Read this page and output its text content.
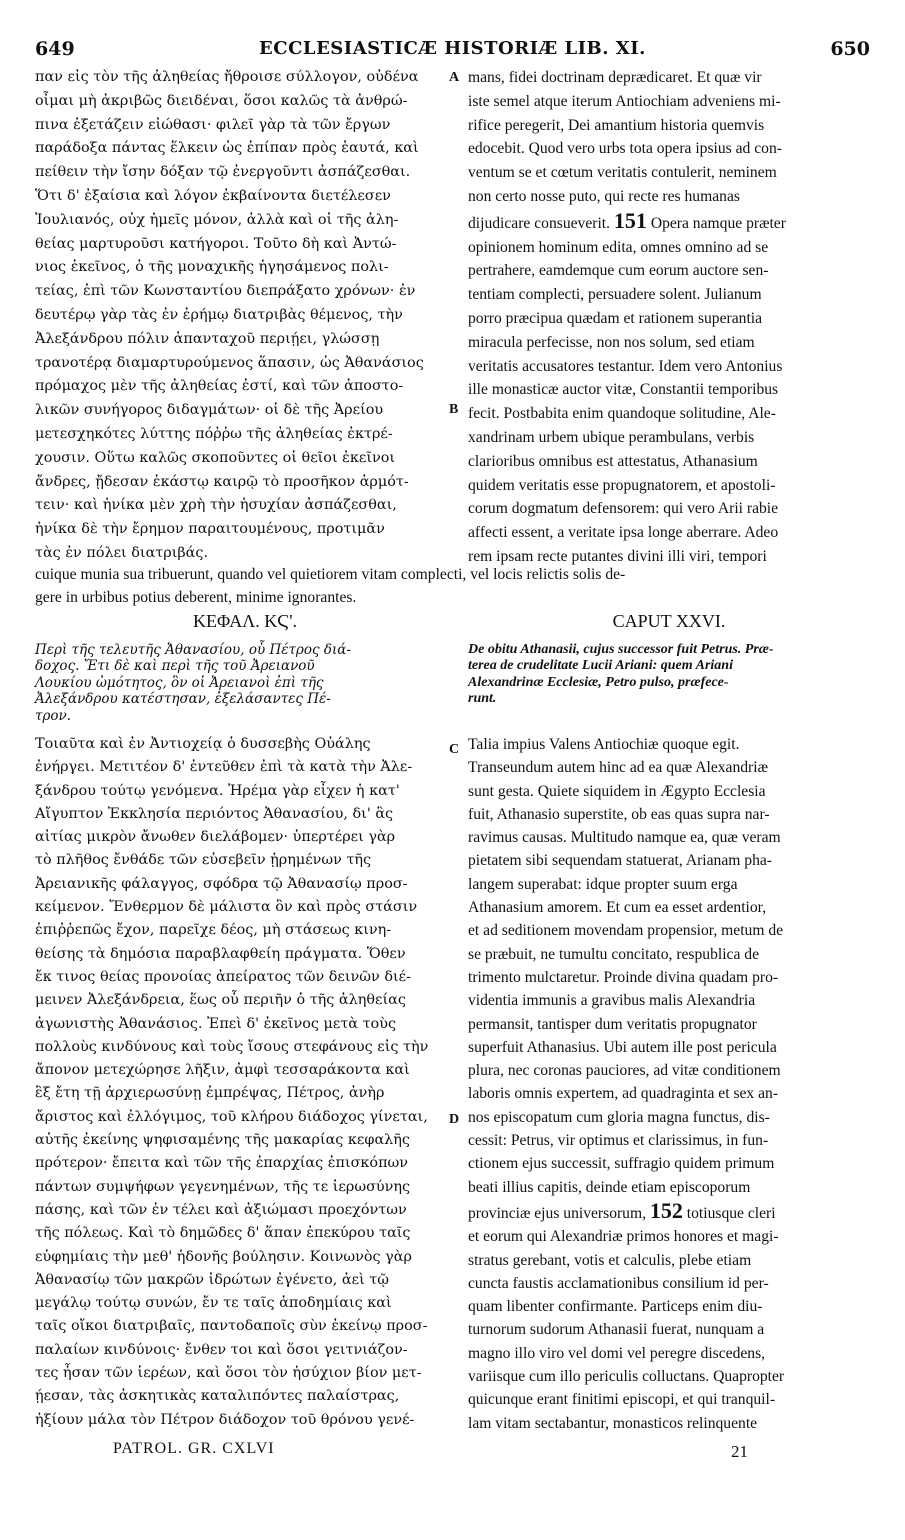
649	ECCLESIASTICÆ HISTORIÆ LIB. XI.	650
παν εἰς τὸν τῆς ἀληθείας ἤθροισε σύλλογον, οὐδένα
οἶμαι μὴ ἀκριβῶς διειδέναι, ὅσοι καλῶς τὰ ἀνθρώ-
πινα ἐξετάζειν εἰώθασι· φιλεῖ γὰρ τὰ τῶν ἔργων
παράδοξα πάντας ἕλκειν ὡς ἐπίπαν πρὸς ἑαυτά, καὶ
πείθειν τὴν ἴσην δόξαν τῷ ἐνεργοῦντι ἀσπάζεσθαι.
Ὅτι δ' ἐξαίσια καὶ λόγον ἐκβαίνοντα διετέλεσεν
Ἰουλιανός, οὐχ ἡμεῖς μόνον, ἀλλὰ καὶ οἱ τῆς ἀλη-
θείας μαρτυροῦσι κατήγοροι. Τοῦτο δὴ καὶ Ἀντώ-
νιος ἐκεῖνος, ὁ τῆς μοναχικῆς ἡγησάμενος πολι-
τείας, ἐπὶ τῶν Κωνσταντίου διεπράξατο χρόνων· ἐν
δευτέρῳ γὰρ τὰς ἐν ἐρήμῳ διατριβὰς θέμενος, τὴν
Ἀλεξάνδρου πόλιν ἁπανταχοῦ περιῄει, γλώσσῃ
τρανοτέρᾳ διαμαρτυρούμενος ἅπασιν, ὡς Ἀθανάσιος
πρόμαχος μὲν τῆς ἀληθείας ἐστί, καὶ τῶν ἀποστο-
λικῶν συνήγορος διδαγμάτων· οἱ δὲ τῆς Ἀρείου
μετεσχηκότες λύττης πόῤῥω τῆς ἀληθείας ἐκτρέ-
χουσιν. Οὕτω καλῶς σκοποῦντες οἱ θεῖοι ἐκεῖνοι
ἄνδρες, ᾔδεσαν ἑκάστῳ καιρῷ τὸ προσῆκον ἁρμότ-
τειν· καὶ ἡνίκα μὲν χρὴ τὴν ἡσυχίαν ἀσπάζεσθαι,
ἡνίκα δὲ τὴν ἔρημον παραιτουμένους, προτιμᾶν
τὰς ἐν πόλει διατριβάς.
mans, fidei doctrinam deprædicaret. Et quæ vir
iste semel atque iterum Antiochiam adveniens mi-
rifice peregerit, Dei amantium historia quemvis
edocebit. Quod vero urbs tota opera ipsius ad con-
ventum se et cœtum veritatis contulerit, neminem
non certo nosse puto, qui recte res humanas
dijudicare consueverit. 151 Opera namque præter
opinionem hominum edita, omnes omnino ad se
pertrahere, eamdemque cum eorum auctore sen-
tentiam complecti, persuadere solent. Julianum
porro præcipua quædam et rationem superantia
miracula perfecisse, non nos solum, sed etiam
veritatis accusatores testantur. Idem vero Antonius
ille monasticæ auctor vitæ, Constantii temporibus
fecit. Postbabita enim quandoque solitudine, Ale-
xandrinam urbem ubique perambulans, verbis
clarioribus omnibus est attestatus, Athanasium
quidem veritatis esse propugnatorem, et apostoli-
corum dogmatum defensorem: qui vero Arii rabie
affecti essent, a veritate ipsa longe aberrare. Adeo
rem ipsam recte putantes divini illi viri, tempori
A
B
cuique munia sua tribuerunt, quando vel quietiorem vitam complecti, vel locis relictis solis de-
gere in urbibus potius deberent, minime ignorantes.
ΚΕΦΑΛ. ΚϚ'.	CAPUT XXVI.
Περὶ τῆς τελευτῆς Ἀθανασίου, οὗ Πέτρος διά-
δοχος. Ἔτι δὲ καὶ περὶ τῆς τοῦ Ἀρειανοῦ
Λουκίου ὠμότητος, ὃν οἱ Ἀρειανοὶ ἐπὶ τῆς
Ἀλεξάνδρου κατέστησαν, ἐξελάσαντες Πέ-
τρον.
De obitu Athanasii, cujus successor fuit Petrus. Præ-
terea de crudelitate Lucii Ariani: quem Ariani
Alexandrinæ Ecclesiæ, Petro pulso, præfece-
runt.
Τοιαῦτα καὶ ἐν Ἀντιοχείᾳ ὁ δυσσεβὴς Οὐάλης
ἐνήργει. Μετιτέον δ' ἐντεῦθεν ἐπὶ τὰ κατὰ τὴν Ἀλε-
ξάνδρου τούτῳ γενόμενα. Ἠρέμα γὰρ εἶχεν ἡ κατ'
Αἴγυπτον Ἐκκλησία περιόντος Ἀθανασίου, δι' ἃς
αἰτίας μικρὸν ἄνωθεν διελάβομεν· ὑπερτέρει γὰρ
τὸ πλῆθος ἔνθάδε τῶν εὐσεβεῖν ᾑρημένων τῆς
Ἀρειανικῆς φάλαγγος, σφόδρα τῷ Ἀθανασίῳ προσ-
κείμενον. Ἔνθερμον δὲ μάλιστα ὂν καὶ πρὸς στάσιν
ἐπιῤῥεπῶς ἔχον, παρεῖχε δέος, μὴ στάσεως κινη-
θείσης τὰ δημόσια παραβλαφθείη πράγματα. Ὅθεν
ἔκ τινος θείας προνοίας ἀπείρατος τῶν δεινῶν διέ-
μεινεν Ἀλεξάνδρεια, ἕως οὗ περιῆν ὁ τῆς ἀληθείας
ἀγωνιστὴς Ἀθανάσιος. Ἐπεὶ δ' ἐκεῖνος μετὰ τοὺς
πολλοὺς κινδύνους καὶ τοὺς ἴσους στεφάνους εἰς τὴν
ἄπονον μετεχώρησε λῆξιν, ἀμφὶ τεσσαράκοντα καὶ
ἓξ ἔτη τῇ ἀρχιερωσύνῃ ἐμπρέψας, Πέτρος, ἀνὴρ
ἄριστος καὶ ἐλλόγιμος, τοῦ κλήρου διάδοχος γίνεται,
αὐτῆς ἐκείνης ψηφισαμένης τῆς μακαρίας κεφαλῆς
πρότερον· ἔπειτα καὶ τῶν τῆς ἐπαρχίας ἐπισκόπων
πάντων συμψήφων γεγενημένων, τῆς τε ἱερωσύνης
πάσης, καὶ τῶν ἐν τέλει καὶ ἀξιώμασι προεχόντων
τῆς πόλεως. Καὶ τὸ δημῶδες δ' ἅπαν ἐπεκύρου ταῖς
εὐφημίαις τὴν μεθ' ἡδονῆς βούλησιν. Κοινωνὸς γὰρ
Ἀθανασίῳ τῶν μακρῶν ἱδρώτων ἐγένετο, ἀεὶ τῷ
μεγάλῳ τούτῳ συνών, ἔν τε ταῖς ἀποδημίαις καὶ
ταῖς οἴκοι διατριβαῖς, παντοδαποῖς σὺν ἐκείνῳ προσ-
παλαίων κινδύνοις· ἔνθεν τοι καὶ ὅσοι γειτνιάζον-
τες ἦσαν τῶν ἱερέων, καὶ ὅσοι τὸν ἡσύχιον βίον μετ-
ῄεσαν, τὰς ἀσκητικὰς καταλιπόντες παλαίστρας,
ἠξίουν μάλα τὸν Πέτρον διάδοχον τοῦ θρόνου γενέ-
Talia impius Valens Antiochiæ quoque egit.
Transeundum autem hinc ad ea quæ Alexandriæ
sunt gesta. Quiete siquidem in Ægypto Ecclesia
fuit, Athanasio superstite, ob eas quas supra nar-
ravimus causas. Multitudo namque ea, quæ veram
pietatem sibi sequendam statuerat, Arianam pha-
langem superabat: idque propter suum erga
Athanasium amorem. Et cum ea esset ardentior,
et ad seditionem movendam propensior, metum de
se præbuit, ne tumultu concitato, respublica de
trimento mulctaretur. Proinde divina quadam pro-
videntia immunis a gravibus malis Alexandria
permansit, tantisper dum veritatis propugnator
superfuit Athanasius. Ubi autem ille post pericula
plura, nec coronas pauciores, ad vitæ conditionem
laboris omnis expertem, ad quadraginta et sex an-
nos episcopatum cum gloria magna functus, dis-
cessit: Petrus, vir optimus et clarissimus, in fun-
ctionem ejus successit, suffragio quidem primum
beati illius capitis, deinde etiam episcoporum
provinciæ ejus universorum, 152 totiusque cleri
et eorum qui Alexandriæ primos honores et magi-
stratus gerebant, votis et calculis, plebe etiam
cuncta faustis acclamationibus consilium id per-
quam libenter confirmante. Particeps enim diu-
turnorum sudorum Athanasii fuerat, nunquam a
magno illo viro vel domi vel peregre discedens,
variisque cum illo periculis colluctans. Quapropter
quicunque erant finitimi episcopi, et qui tranquil-
lam vitam sectabantur, monasticos relinquente
C
D
PATROL. GR. CXLVI	21
